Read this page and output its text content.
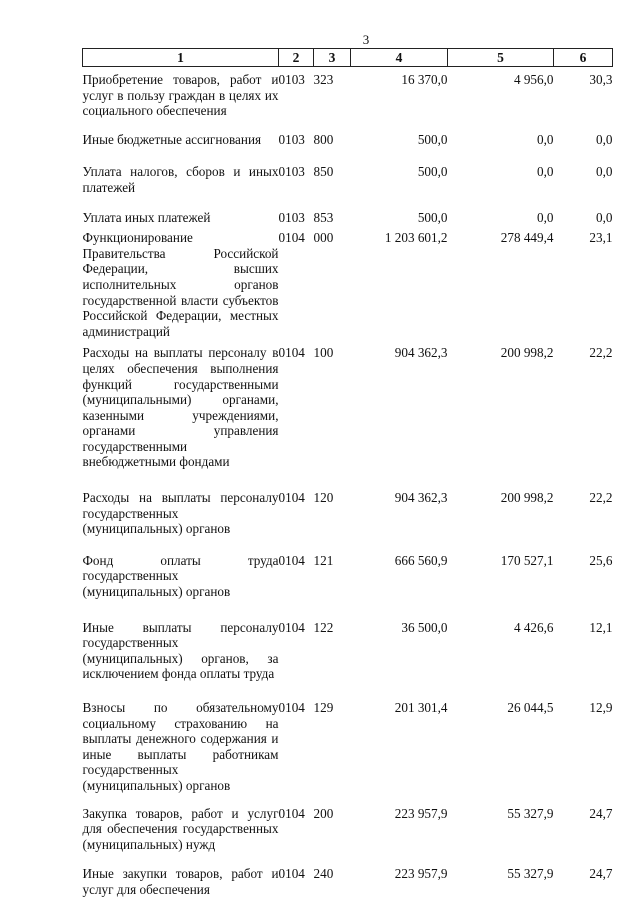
3
1	2	3	4	5	6
Приобретение товаров, работ и услуг в пользу граждан в целях их социального обеспечения	0103	323	16 370,0	4 956,0	30,3
Иные бюджетные ассигнования	0103	800	500,0	0,0	0,0
Уплата налогов, сборов и иных платежей	0103	850	500,0	0,0	0,0
Уплата иных платежей	0103	853	500,0	0,0	0,0
Функционирование Правительства Российской Федерации, высших исполнительных органов государственной власти субъектов Российской Федерации, местных администраций	0104	000	1 203 601,2	278 449,4	23,1
Расходы на выплаты персоналу в целях обеспечения выполнения функций государственными (муниципальными) органами, казенными учреждениями, органами управления государственными внебюджетными фондами	0104	100	904 362,3	200 998,2	22,2
Расходы на выплаты персоналу государственных (муниципальных) органов	0104	120	904 362,3	200 998,2	22,2
Фонд оплаты труда государственных (муниципальных) органов	0104	121	666 560,9	170 527,1	25,6
Иные выплаты персоналу государственных (муниципальных) органов, за исключением фонда оплаты труда	0104	122	36 500,0	4 426,6	12,1
Взносы по обязательному социальному страхованию на выплаты денежного содержания и иные выплаты работникам государственных (муниципальных) органов	0104	129	201 301,4	26 044,5	12,9
Закупка товаров, работ и услуг для обеспечения государственных (муниципальных) нужд	0104	200	223 957,9	55 327,9	24,7
Иные закупки товаров, работ и услуг для обеспечения	0104	240	223 957,9	55 327,9	24,7
